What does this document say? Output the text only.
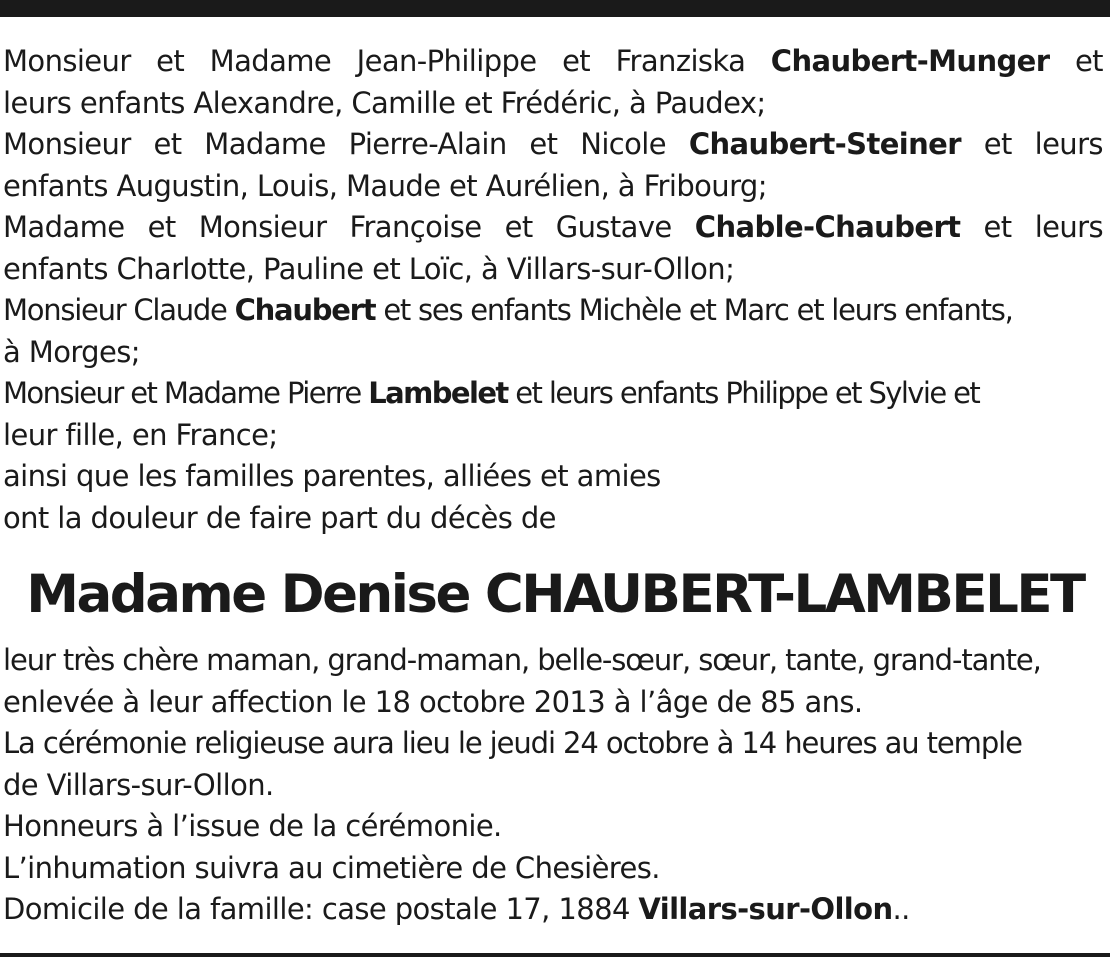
Monsieur et Madame Jean-Philippe et Franziska Chaubert-Munger et
leurs enfants Alexandre, Camille et Frédéric, à Paudex;
Monsieur et Madame Pierre-Alain et Nicole Chaubert-Steiner et leurs
enfants Augustin, Louis, Maude et Aurélien, à Fribourg;
Madame et Monsieur Françoise et Gustave Chable-Chaubert et leurs
enfants Charlotte, Pauline et Loïc, à Villars-sur-Ollon;
Monsieur Claude Chaubert et ses enfants Michèle et Marc et leurs enfants,
à Morges;
Monsieur et Madame Pierre Lambelet et leurs enfants Philippe et Sylvie et
leur fille, en France;
ainsi que les familles parentes, alliées et amies
ont la douleur de faire part du décès de
Madame Denise CHAUBERT-LAMBELET
leur très chère maman, grand-maman, belle-sœur, sœur, tante, grand-tante,
enlevée à leur affection le 18 octobre 2013 à l’âge de 85 ans.
La cérémonie religieuse aura lieu le jeudi 24 octobre à 14 heures au temple
de Villars-sur-Ollon.
Honneurs à l’issue de la cérémonie.
L’inhumation suivra au cimetière de Chesières.
Domicile de la famille: case postale 17, 1884 Villars-sur-Ollon..
